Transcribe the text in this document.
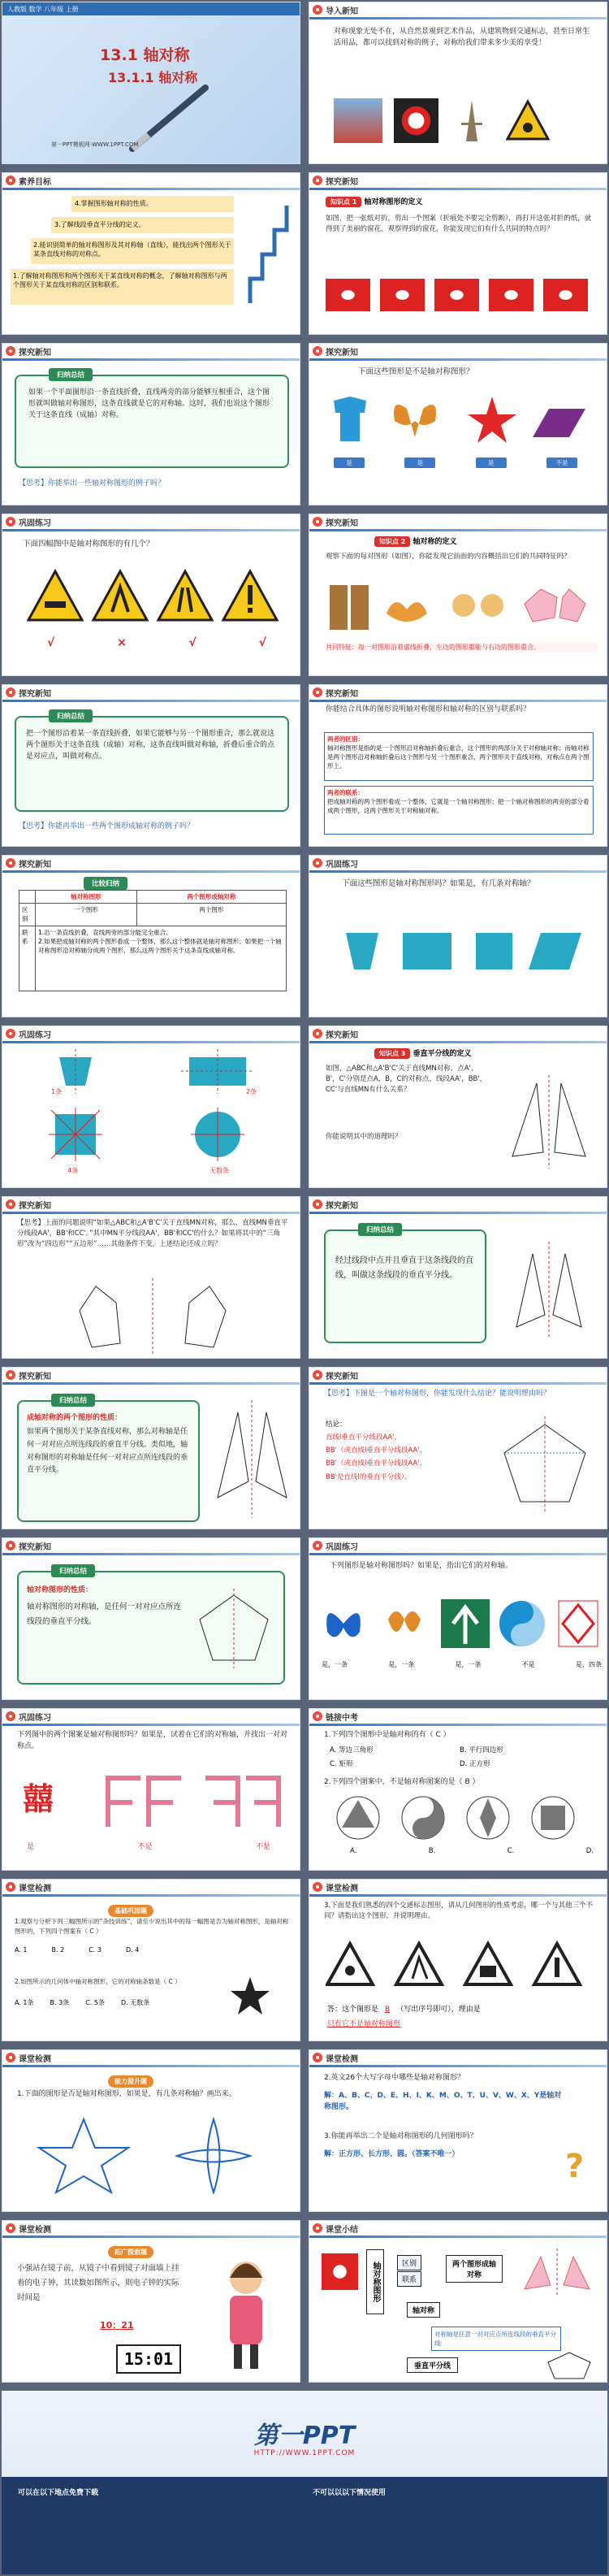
人教版 数学 八年级 上册
13.1 轴对称
13.1.1 轴对称
第一PPT模板网-WWW.1PPT.COM
导入新知
对称现象无处不在，从自然景观到艺术作品，从建筑物到交通标志，甚至日常生活用品，都可以找到对称的例子，对称给我们带来多少美的享受！
素养目标
4.掌握图形轴对称的性质。
3.了解线段垂直平分线的定义。
2.能识别简单的轴对称图形及其对称轴（直线），能找出两个图形关于某条直线对称的对称点。
1.了解轴对称图形和两个图形关于某直线对称的概念，了解轴对称图形与两个图形关于某直线对称的区别和联系。
探究新知
知识点 1 轴对称图形的定义
如图，把一张纸对折，剪出一个图案（折痕处不要完全剪断），再打开这张对折的纸，就得到了美丽的窗花。观察得到的窗花，你能发现它们有什么共同的特点吗？
探究新知
归纳总结
如果一个平面图形沿一条直线折叠，直线两旁的部分能够互相重合，这个图形就叫做轴对称图形，这条直线就是它的对称轴。这时，我们也说这个图形关于这条直线（成轴）对称。
【思考】你能举出一些轴对称图形的例子吗？
探究新知
下面这些图形是不是轴对称图形？
是	是	是	不是
巩固练习
下面四幅图中是轴对称图形的有几个？
√	×	√	√
探究新知
知识点 2 轴对称的定义
观察下面的每对图形（如图），你能发现它前面的内容概括出它们的共同特征吗？
共同特征：每一对图形沿着虚线折叠，左边的图形都能与右边的图形重合。
探究新知
归纳总结
把一个图形沿着某一条直线折叠，如果它能够与另一个图形重合，那么就说这两个图形关于这条直线（成轴）对称，这条直线叫做对称轴，折叠后重合的点是对应点，叫做对称点。
【思考】你能再举出一些两个图形成轴对称的例子吗？
探究新知
你能结合具体的图形说明轴对称图形和轴对称的区别与联系吗？
两者的区别：
轴对称图形是指的是一个图形沿对称轴折叠后重合，这个图形的两部分关于对称轴对称；而轴对称是两个图形沿对称轴折叠后这个图形与另一个图形重合，两个图形关于直线对称，对称点在两个图形上。
两者的联系：
把成轴对称的两个图形看成一个整体，它就是一个轴对称图形；把一个轴对称图形的两旁的部分看成两个图形，这两个图形关于对称轴对称。
探究新知
比较归纳
	轴对称图形	两个图形成轴对称
区别	一个图形	两个图形
联系	1.沿一条直线折叠，直线两旁的部分能完全重合。
2.如果把成轴对称的两个图形看成一个整体，那么这个整体就是轴对称图形；如果把一个轴对称图形沿对称轴分成两个图形，那么这两个图形关于这条直线成轴对称。	
巩固练习
下面这些图形是轴对称图形吗？如果是，有几条对称轴？
巩固练习
1条	2条
4条	无数条
探究新知
知识点 3 垂直平分线的定义
如图，△ABC和△A'B'C'关于直线MN对称，点A'，B'，C'分别是点A，B，C的对称点，线段AA'，BB'，CC'与直线MN有什么关系？
你能说明其中的道理吗？
探究新知
【思考】上面的问题说明“如果△ABC和△A'B'C'关于直线MN对称，那么，直线MN垂直平分线段AA'，BB'和CC'。”其中MN平分线段AA'，BB'和CC'的什么？如果将其中的“三角形”改为“四边形”“五边形”……其他条件不变，上述结论还成立吗？
探究新知
归纳总结
经过线段中点并且垂直于这条线段的直线，叫做这条线段的垂直平分线。
探究新知
归纳总结
成轴对称的两个图形的性质：
如果两个图形关于某条直线对称，那么对称轴是任何一对对应点所连线段的垂直平分线。类似地，轴对称图形的对称轴是任何一对对应点所连线段的垂直平分线。
探究新知
【思考】下图是一个轴对称图形，你能发现什么结论？能说明理由吗？
结论：
直线l垂直平分线段AA'，
BB'（或直线l垂直平分线段AA'，
BB'（或直线l垂直平分线段AA'，
BB'是直线l的垂直平分线）。
探究新知
归纳总结
轴对称图形的性质：
轴对称图形的对称轴，是任何一对对应点所连线段的垂直平分线。
巩固练习
下列图形是轴对称图形吗？如果是，指出它们的对称轴。
是，一条	是，一条	是，一条	不是	是，四条
巩固练习
下列图中的两个图案是轴对称图形吗？如果是，试着在它们的对称轴，并找出一对对称点。
囍
是	不是	不是
链接中考
1.下列四个图形中是轴对称的有（ C ）
A. 等边三角形	B. 平行四边形
C. 矩形	D. 正方形
2.下列四个图案中，不是轴对称图案的是（ B ）
A.	B.	C.	D.
课堂检测
基础巩固题
1.观察与分析下列三幅图所示的“杂技训练”，请至少说出其中的每一幅图是否为轴对称图形，是轴对称图形的，下列四个图案有（ C ）
A. 1	B. 2	C. 3	D. 4
2.如图所示的几何体中轴对称图形，它的对称轴条数是（ C ）
A. 1条	B. 3条	C. 5条	D. 无数条
课堂检测
3.下面是我们熟悉的四个交通标志图形，请从几何图形的性质考虑，哪一个与其他三个不同？请指出这个图形，并说明理由。
答：这个图形是 B （写出序号即可），理由是
只有它不是轴对称图形
课堂检测
能力提升题
1.下面的图形是否是轴对称图形，如果是，有几条对称轴？画出来。
课堂检测
2.英文26个大写字母中哪些是轴对称图形？
解：A、B、C、D、E、H、I、K、M、O、T、U、V、W、X、Y是轴对称图形。
3.你能再举出二个是轴对称图形的几何图形吗？
解：正方形、长方形、圆。（答案不唯一）	?
课堂检测
拓广探索题
小强站在镜子前，从镜子中看到镜子对面墙上挂着的电子钟，其读数如图所示，则电子钟的实际时间是
10：21
15:01
课堂小结
轴对称图形	区别
联系
两个图形成轴对称
轴对称
对称轴是任意一对对应点所连线段的垂直平分线
垂直平分线
第一PPT
HTTP://WWW.1PPT.COM
可以在以下地点免费下载	不可以以以下情况使用
